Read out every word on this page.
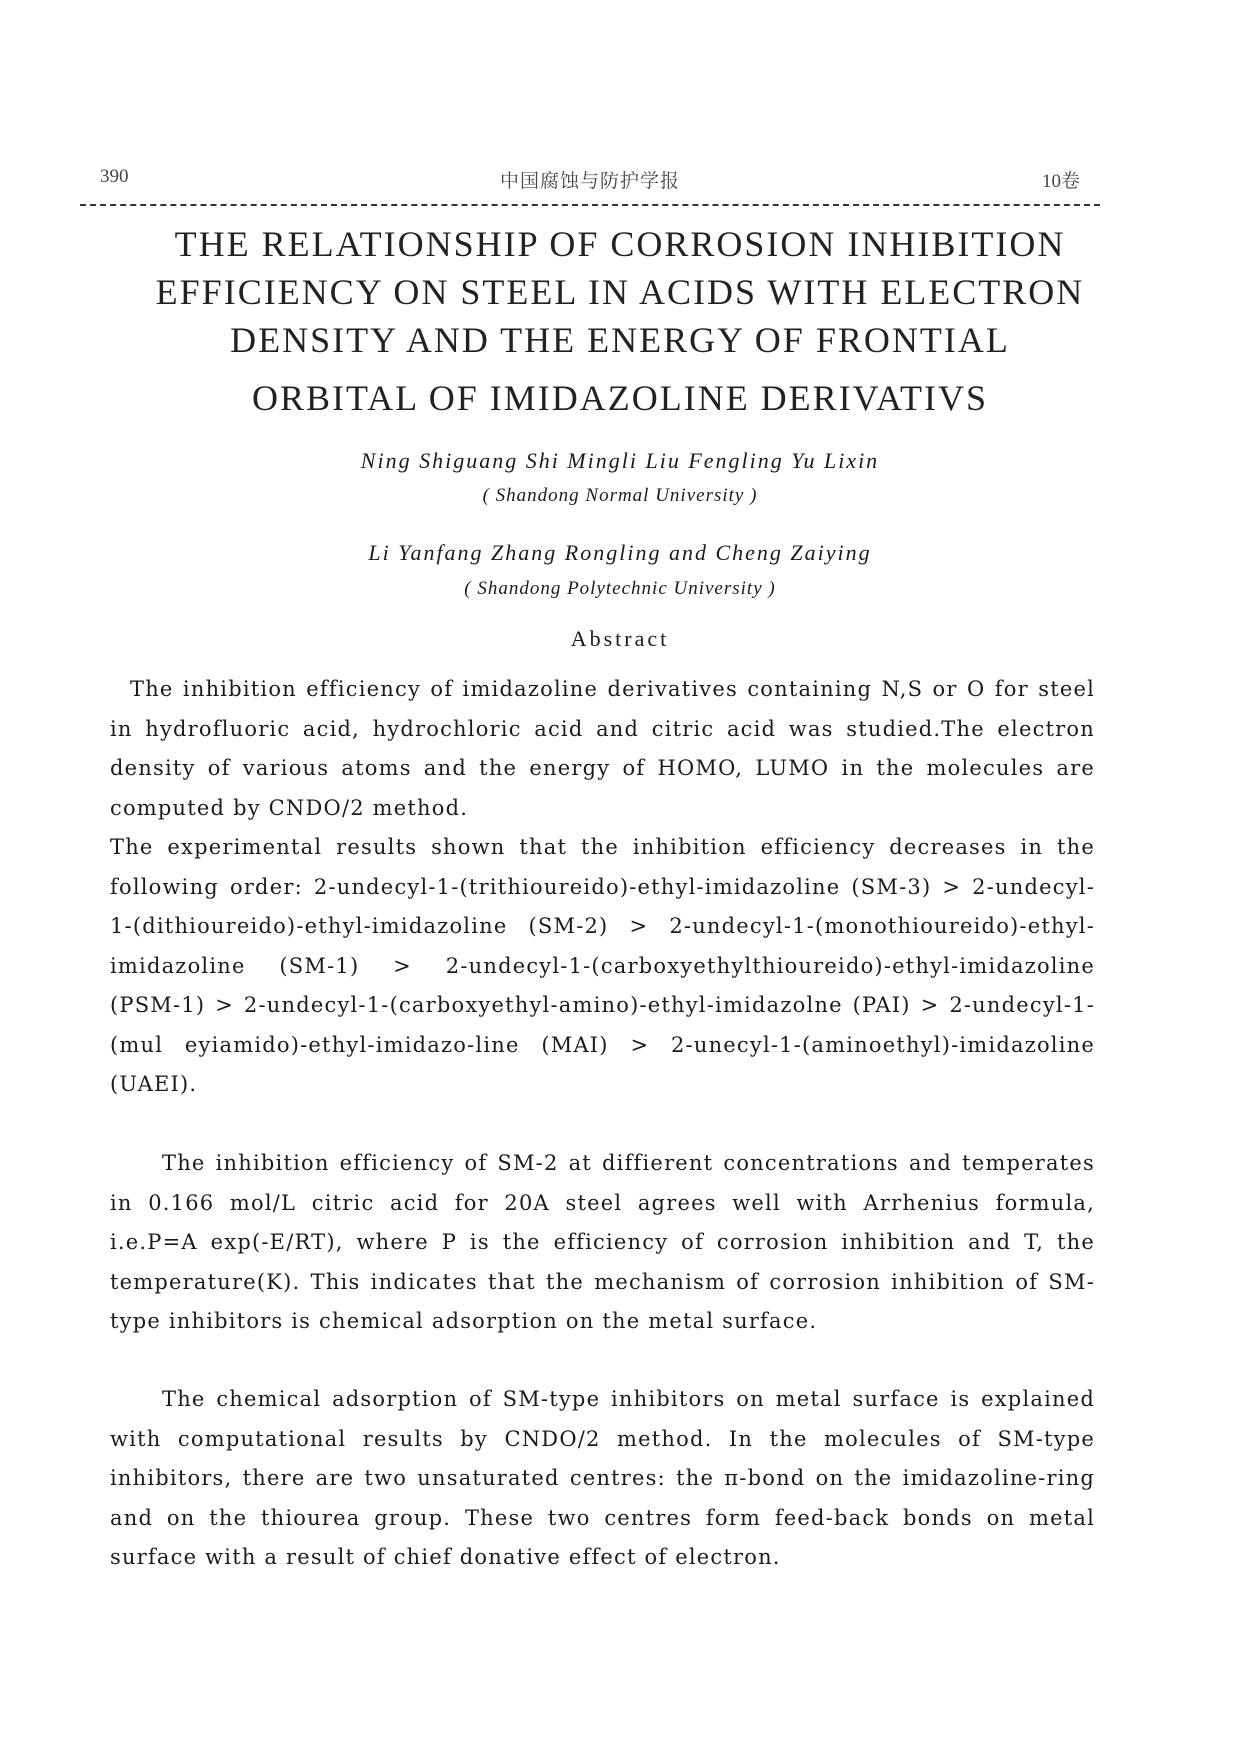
390	中国腐蚀与防护学报	10卷
THE RELATIONSHIP OF CORROSION INHIBITION
EFFICIENCY ON STEEL IN ACIDS WITH ELECTRON
DENSITY AND THE ENERGY OF FRONTIAL
ORBITAL OF IMIDAZOLINE DERIVATIVS
Ning Shiguang Shi Mingli Liu Fengling Yu Lixin
( Shandong Normal University )
Li Yanfang Zhang Rongling and Cheng Zaiying
( Shandong Polytechnic University )
Abstract

The inhibition efficiency of imidazoline derivatives containing N,S or O for steel in hydrofluoric acid, hydrochloric acid and citric acid was studied.The electron density of various atoms and the energy of HOMO, LUMO in the molecules are computed by CNDO/2 method.

The experimental results shown that the inhibition efficiency decreases in the following order: 2-undecyl-1-(trithioureido)-ethyl-imidazoline (SM-3) > 2-undecyl-1-(dithioureido)-ethyl-imidazoline (SM-2) > 2-undecyl-1-(monothioureido)-ethyl-imidazoline (SM-1) > 2-undecyl-1-(carboxyethylthioureido)-ethyl-imidazoline (PSM-1) > 2-undecyl-1-(carboxyethyl-amino)-ethyl-imidazolne (PAI) > 2-undecyl-1-(mul eyiamido)-ethyl-imidazo-line (MAI) > 2-unecyl-1-(aminoethyl)-imidazoline (UAEI).

The inhibition efficiency of SM-2 at diffierent concentrations and temperates in 0.166 mol/L citric acid for 20A steel agrees well with Arrhenius formula, i.e.P=A exp(-E/RT), where P is the efficiency of corrosion inhibition and T, the temperature(K). This indicates that the mechanism of corrosion inhibition of SM-type inhibitors is chemical adsorption on the metal surface.

The chemical adsorption of SM-type inhibitors on metal surface is explained with computational results by CNDO/2 method. In the molecules of SM-type inhibitors, there are two unsaturated centres: the π-bond on the imidazoline-ring and on the thiourea group. These two centres form feed-back bonds on metal surface with a result of chief donative effect of electron.
